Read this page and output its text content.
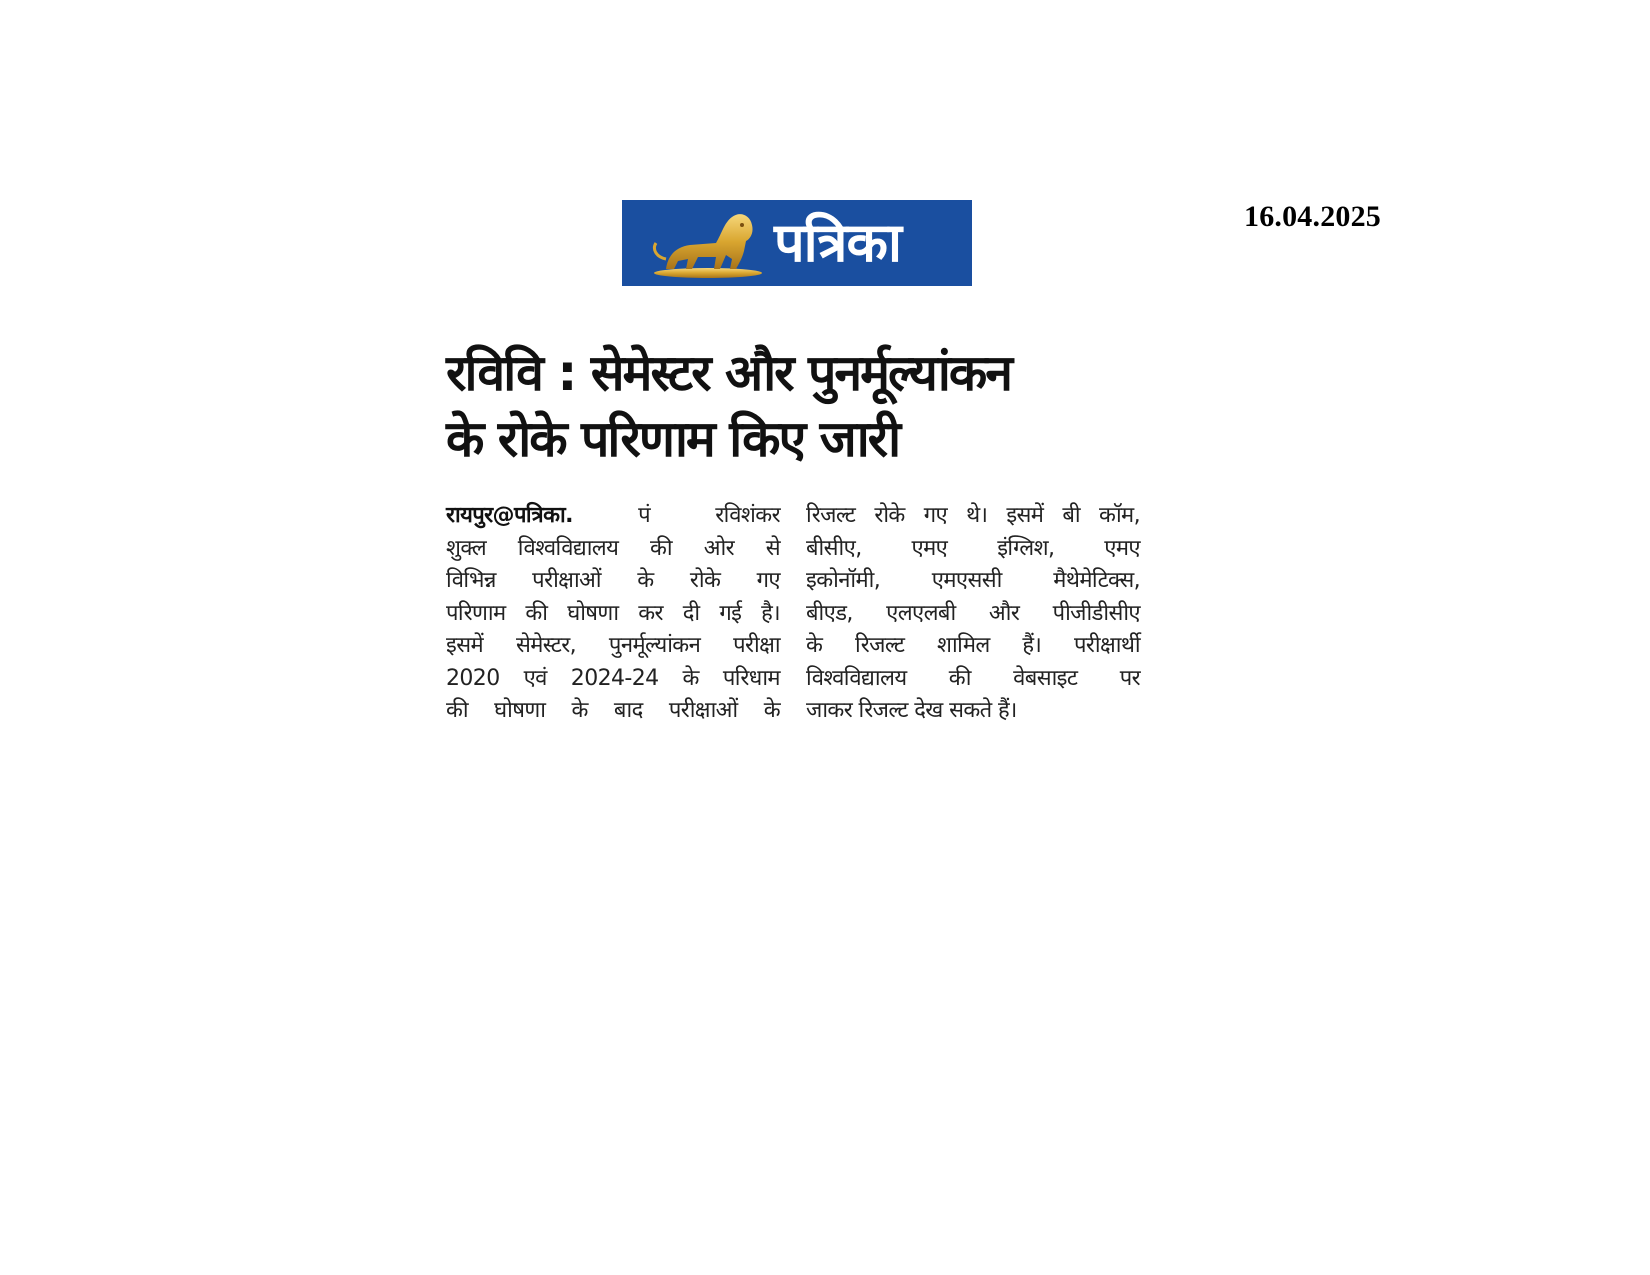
16.04.2025
पत्रिका
रविवि : सेमेस्टर और पुनर्मूल्यांकन
के रोके परिणाम किए जारी
रायपुर@पत्रिका.	पं रविशंकर
शुक्ल विश्वविद्यालय की ओर से
विभिन्न परीक्षाओं के रोके गए
परिणाम की घोषणा कर दी गई है।
इसमें सेमेस्टर, पुनर्मूल्यांकन परीक्षा
2020 एवं 2024-24 के परिधाम
की घोषणा के बाद परीक्षाओं के
रिजल्ट रोके गए थे। इसमें बी कॉम,
बीसीए, एमए इंग्लिश, एमए
इकोनॉमी, एमएससी मैथेमेटिक्स,
बीएड, एलएलबी और पीजीडीसीए
के रिजल्ट शामिल हैं। परीक्षार्थी
विश्वविद्यालय की वेबसाइट पर
जाकर रिजल्ट देख सकते हैं।
